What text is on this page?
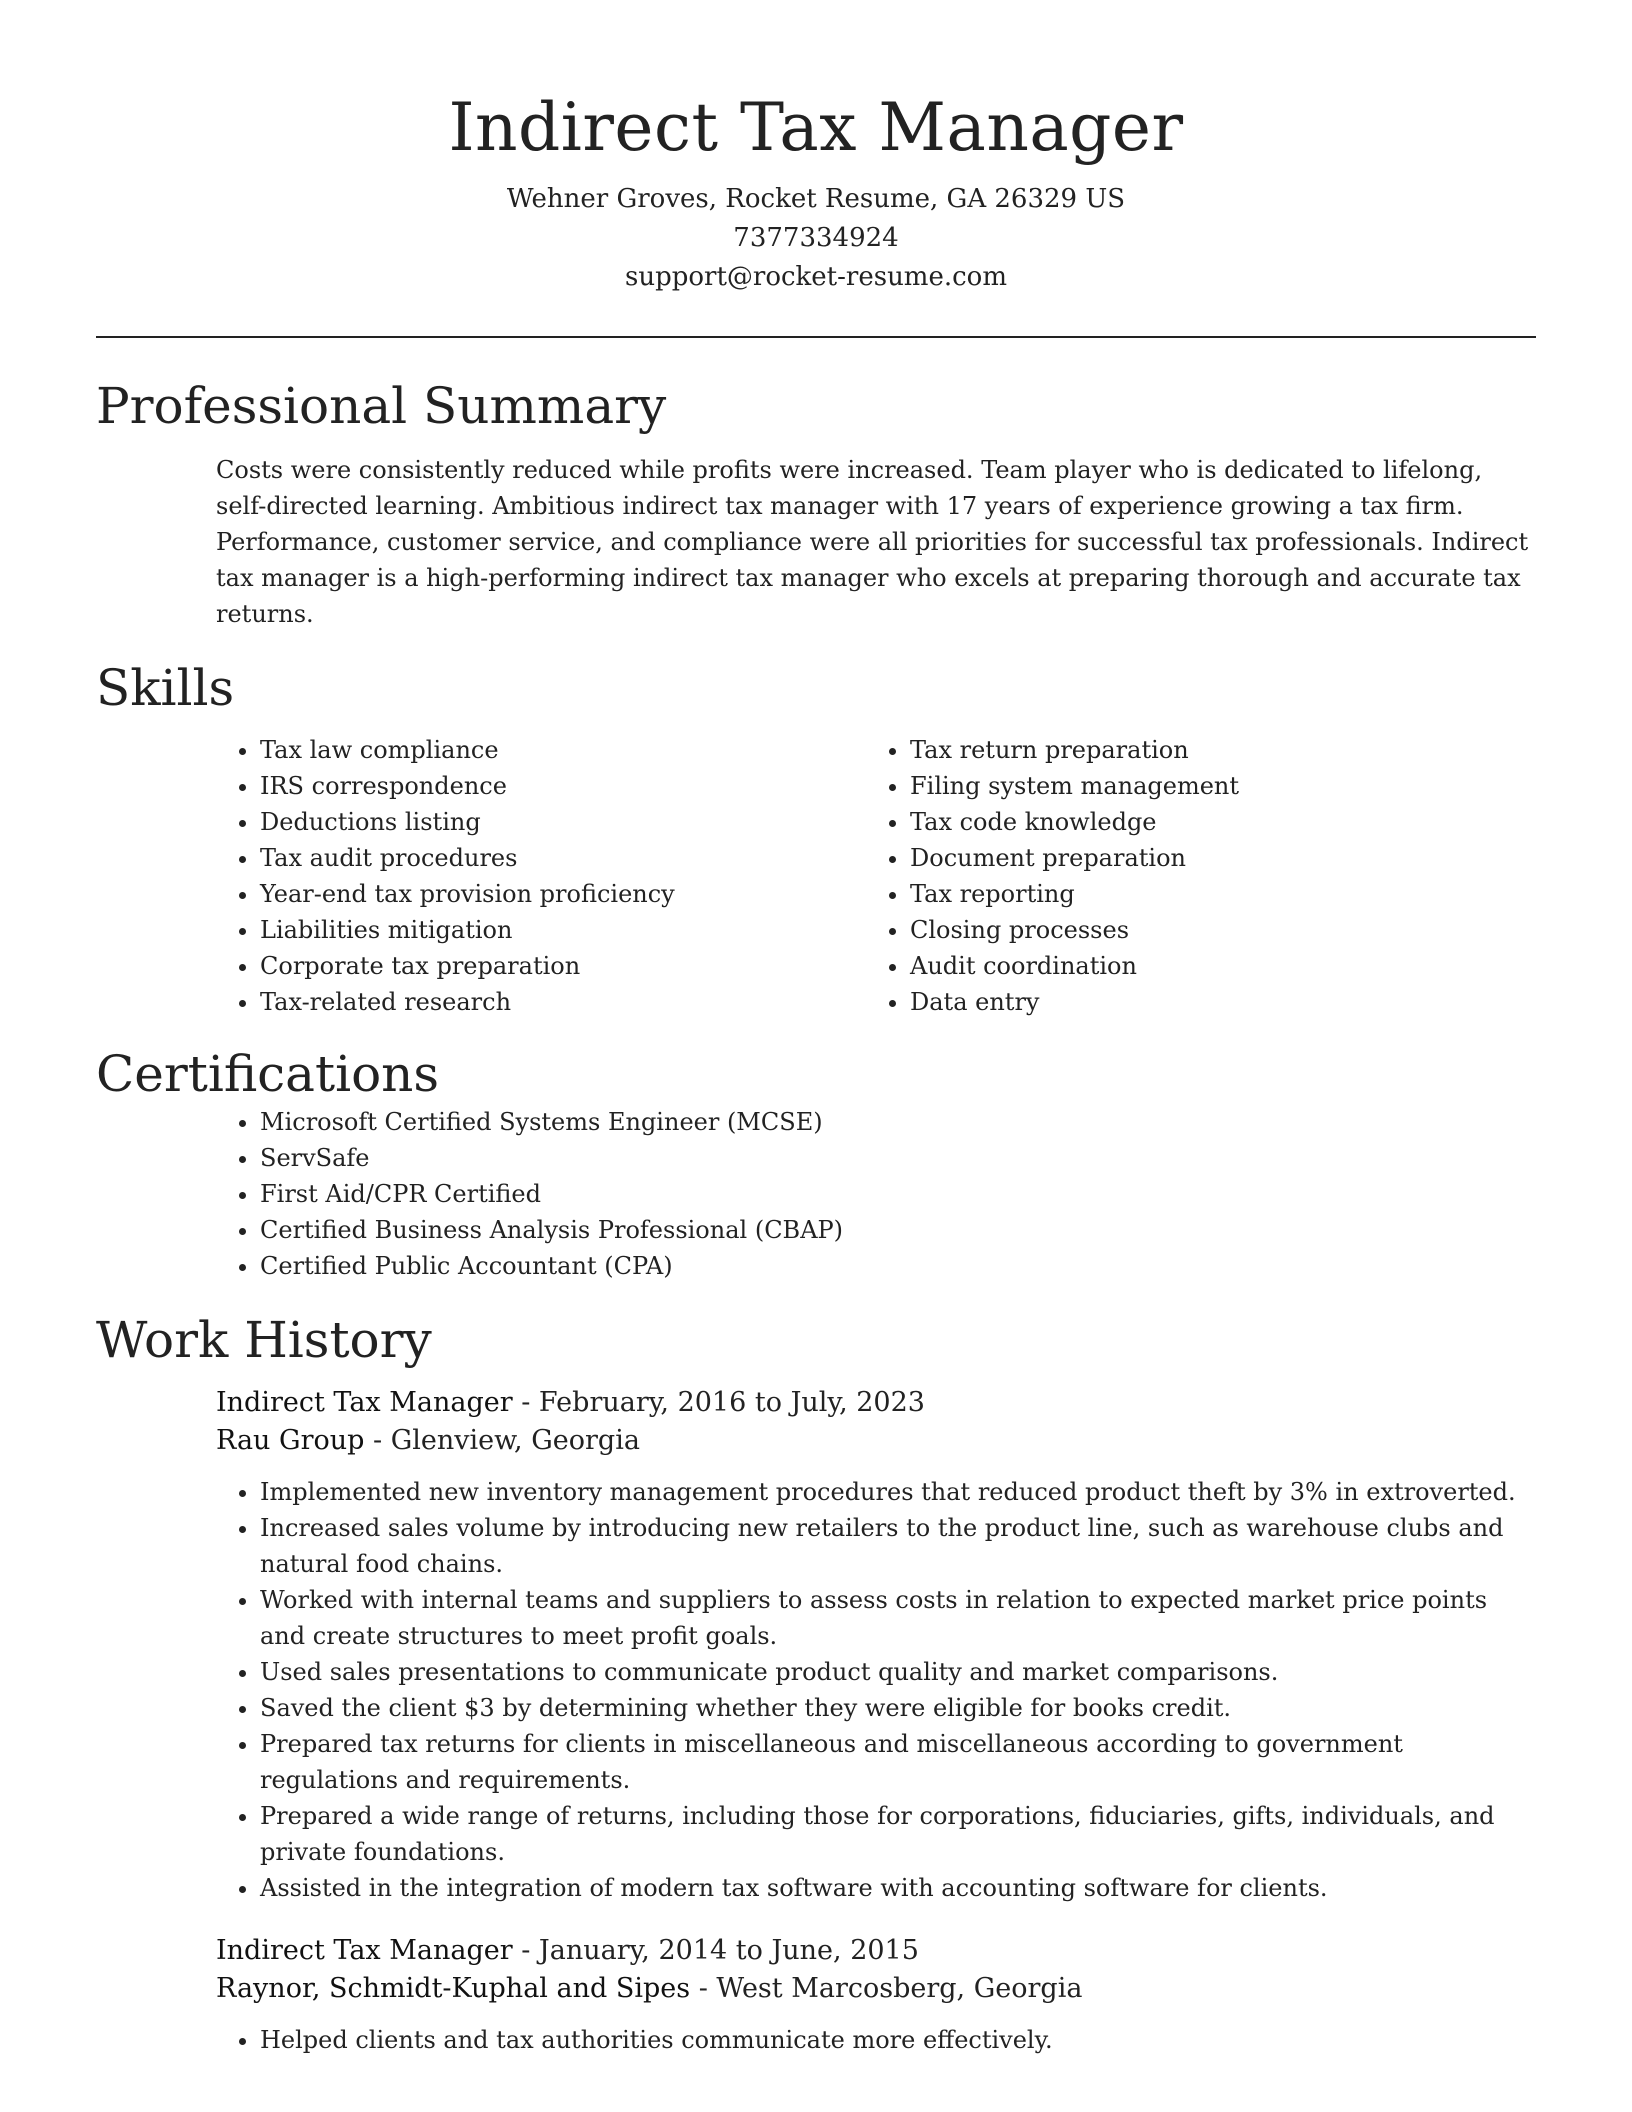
Indirect Tax Manager
Wehner Groves, Rocket Resume, GA 26329 US
7377334924
support@rocket-resume.com
Professional Summary

Costs were consistently reduced while profits were increased. Team player who is dedicated to lifelong, self-directed learning. Ambitious indirect tax manager with 17 years of experience growing a tax firm. Performance, customer service, and compliance were all priorities for successful tax professionals. Indirect tax manager is a high-performing indirect tax manager who excels at preparing thorough and accurate tax returns.

Skills
• Tax law compliance
• IRS correspondence
• Deductions listing
• Tax audit procedures
• Year-end tax provision proficiency
• Liabilities mitigation
• Corporate tax preparation
• Tax-related research
• Tax return preparation
• Filing system management
• Tax code knowledge
• Document preparation
• Tax reporting
• Closing processes
• Audit coordination
• Data entry
Certifications
• Microsoft Certified Systems Engineer (MCSE)
• ServSafe
• First Aid/CPR Certified
• Certified Business Analysis Professional (CBAP)
• Certified Public Accountant (CPA)
Work History
Indirect Tax Manager - February, 2016 to July, 2023
Rau Group - Glenview, Georgia
• Implemented new inventory management procedures that reduced product theft by 3% in extroverted.
• Increased sales volume by introducing new retailers to the product line, such as warehouse clubs and natural food chains.
• Worked with internal teams and suppliers to assess costs in relation to expected market price points and create structures to meet profit goals.
• Used sales presentations to communicate product quality and market comparisons.
• Saved the client $3 by determining whether they were eligible for books credit.
• Prepared tax returns for clients in miscellaneous and miscellaneous according to government regulations and requirements.
• Prepared a wide range of returns, including those for corporations, fiduciaries, gifts, individuals, and private foundations.
• Assisted in the integration of modern tax software with accounting software for clients.
Indirect Tax Manager - January, 2014 to June, 2015
Raynor, Schmidt-Kuphal and Sipes - West Marcosberg, Georgia
• Helped clients and tax authorities communicate more effectively.
